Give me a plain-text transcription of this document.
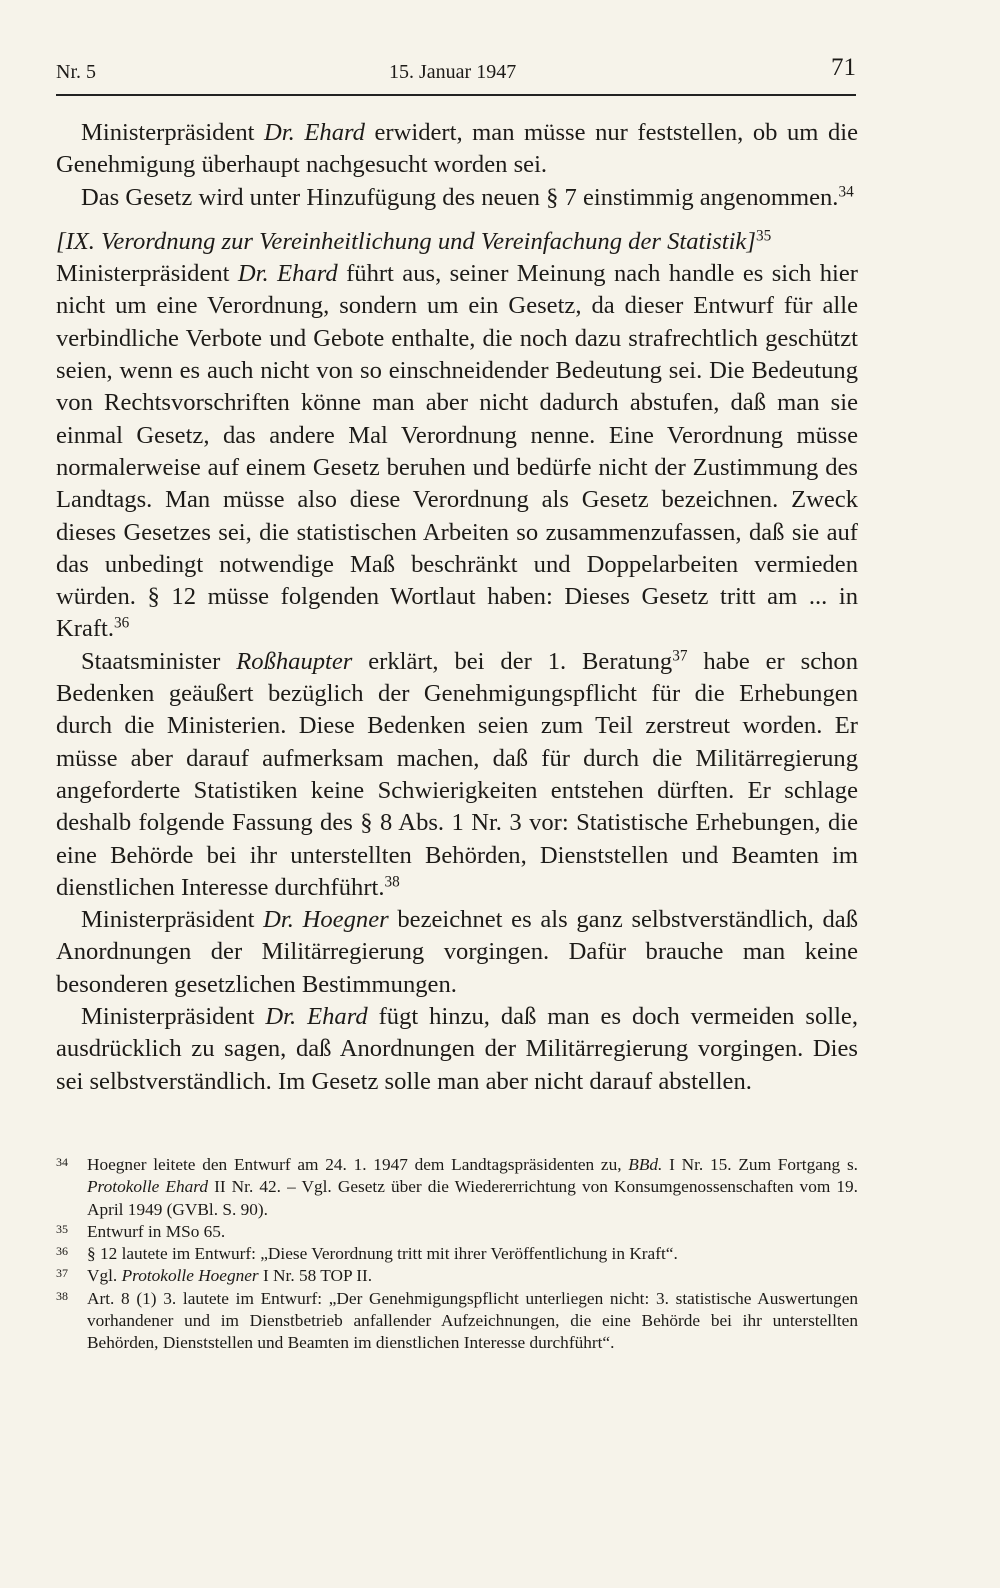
Nr. 5	15. Januar 1947	71

Ministerpräsident Dr. Ehard erwidert, man müsse nur feststellen, ob um die Genehmigung überhaupt nachgesucht worden sei.

Das Gesetz wird unter Hinzufügung des neuen § 7 einstimmig angenommen.$^{34}$

[IX. Verordnung zur Vereinheitlichung und Vereinfachung der Statistik]$^{35}$

Ministerpräsident Dr. Ehard führt aus, seiner Meinung nach handle es sich hier nicht um eine Verordnung, sondern um ein Gesetz, da dieser Entwurf für alle verbindliche Verbote und Gebote enthalte, die noch dazu strafrechtlich geschützt seien, wenn es auch nicht von so einschneidender Bedeutung sei. Die Bedeutung von Rechtsvorschriften könne man aber nicht dadurch abstufen, daß man sie einmal Gesetz, das andere Mal Verordnung nenne. Eine Verordnung müsse normalerweise auf einem Gesetz beruhen und bedürfe nicht der Zustimmung des Landtags. Man müsse also diese Verordnung als Gesetz bezeichnen. Zweck dieses Gesetzes sei, die statistischen Arbeiten so zusammenzufassen, daß sie auf das unbedingt notwendige Maß beschränkt und Doppelarbeiten vermieden würden. § 12 müsse folgenden Wortlaut haben: Dieses Gesetz tritt am ... in Kraft.$^{36}$

Staatsminister Roßhaupter erklärt, bei der 1. Beratung$^{37}$ habe er schon Bedenken geäußert bezüglich der Genehmigungspflicht für die Erhebungen durch die Ministerien. Diese Bedenken seien zum Teil zerstreut worden. Er müsse aber darauf aufmerksam machen, daß für durch die Militärregierung angeforderte Statistiken keine Schwierigkeiten entstehen dürften. Er schlage deshalb folgende Fassung des § 8 Abs. 1 Nr. 3 vor: Statistische Erhebungen, die eine Behörde bei ihr unterstellten Behörden, Dienststellen und Beamten im dienstlichen Interesse durchführt.$^{38}$

Ministerpräsident Dr. Hoegner bezeichnet es als ganz selbstverständlich, daß Anordnungen der Militärregierung vorgingen. Dafür brauche man keine besonderen gesetzlichen Bestimmungen.

Ministerpräsident Dr. Ehard fügt hinzu, daß man es doch vermeiden solle, ausdrücklich zu sagen, daß Anordnungen der Militärregierung vorgingen. Dies sei selbstverständlich. Im Gesetz solle man aber nicht darauf abstellen.

34 Hoegner leitete den Entwurf am 24. 1. 1947 dem Landtagspräsidenten zu, BBd. I Nr. 15. Zum Fortgang s. Protokolle Ehard II Nr. 42. – Vgl. Gesetz über die Wiedererrichtung von Konsumgenossenschaften vom 19. April 1949 (GVBl. S. 90).

35 Entwurf in MSo 65.

36 § 12 lautete im Entwurf: „Diese Verordnung tritt mit ihrer Veröffentlichung in Kraft“.

37 Vgl. Protokolle Hoegner I Nr. 58 TOP II.

38 Art. 8 (1) 3. lautete im Entwurf: „Der Genehmigungspflicht unterliegen nicht: 3. statistische Auswertungen vorhandener und im Dienstbetrieb anfallender Aufzeichnungen, die eine Behörde bei ihr unterstellten Behörden, Dienststellen und Beamten im dienstlichen Interesse durchführt“.
